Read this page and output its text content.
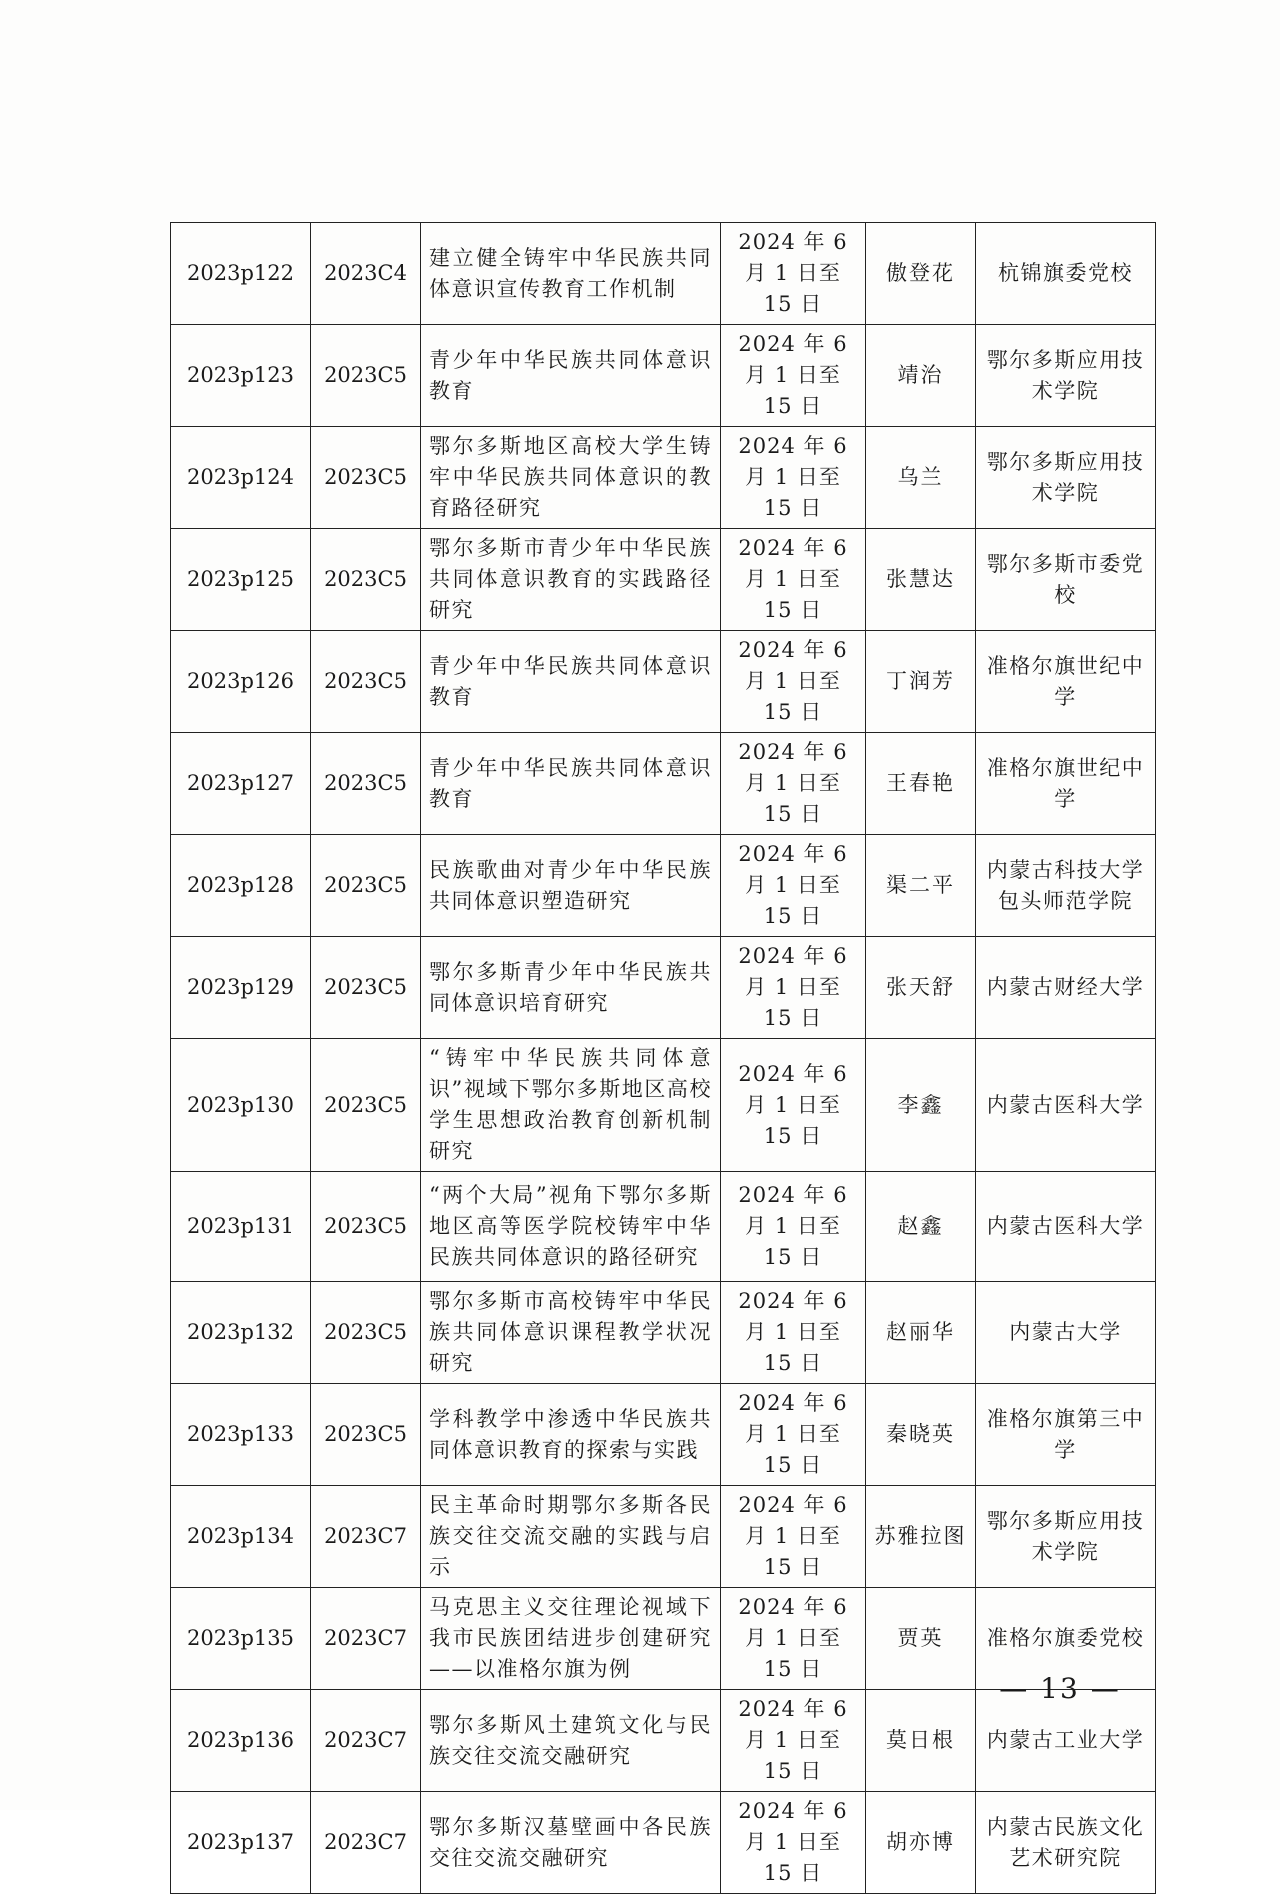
2023p122	2023C4	建立健全铸牢中华民族共同体意识宣传教育工作机制	2024 年 6 月 1 日至 15 日	傲登花	杭锦旗委党校
2023p123	2023C5	青少年中华民族共同体意识教育	2024 年 6 月 1 日至 15 日	靖治	鄂尔多斯应用技术学院
2023p124	2023C5	鄂尔多斯地区高校大学生铸牢中华民族共同体意识的教育路径研究	2024 年 6 月 1 日至 15 日	乌兰	鄂尔多斯应用技术学院
2023p125	2023C5	鄂尔多斯市青少年中华民族共同体意识教育的实践路径研究	2024 年 6 月 1 日至 15 日	张慧达	鄂尔多斯市委党校
2023p126	2023C5	青少年中华民族共同体意识教育	2024 年 6 月 1 日至 15 日	丁润芳	准格尔旗世纪中学
2023p127	2023C5	青少年中华民族共同体意识教育	2024 年 6 月 1 日至 15 日	王春艳	准格尔旗世纪中学
2023p128	2023C5	民族歌曲对青少年中华民族共同体意识塑造研究	2024 年 6 月 1 日至 15 日	渠二平	内蒙古科技大学包头师范学院
2023p129	2023C5	鄂尔多斯青少年中华民族共同体意识培育研究	2024 年 6 月 1 日至 15 日	张天舒	内蒙古财经大学
2023p130	2023C5	“铸牢中华民族共同体意识”视域下鄂尔多斯地区高校学生思想政治教育创新机制研究	2024 年 6 月 1 日至 15 日	李鑫	内蒙古医科大学
2023p131	2023C5	“两个大局”视角下鄂尔多斯地区高等医学院校铸牢中华民族共同体意识的路径研究	2024 年 6 月 1 日至 15 日	赵鑫	内蒙古医科大学
2023p132	2023C5	鄂尔多斯市高校铸牢中华民族共同体意识课程教学状况研究	2024 年 6 月 1 日至 15 日	赵丽华	内蒙古大学
2023p133	2023C5	学科教学中渗透中华民族共同体意识教育的探索与实践	2024 年 6 月 1 日至 15 日	秦晓英	准格尔旗第三中学
2023p134	2023C7	民主革命时期鄂尔多斯各民族交往交流交融的实践与启示	2024 年 6 月 1 日至 15 日	苏雅拉图	鄂尔多斯应用技术学院
2023p135	2023C7	马克思主义交往理论视域下我市民族团结进步创建研究——以准格尔旗为例	2024 年 6 月 1 日至 15 日	贾英	准格尔旗委党校
2023p136	2023C7	鄂尔多斯风土建筑文化与民族交往交流交融研究	2024 年 6 月 1 日至 15 日	莫日根	内蒙古工业大学
2023p137	2023C7	鄂尔多斯汉墓壁画中各民族交往交流交融研究	2024 年 6 月 1 日至 15 日	胡亦博	内蒙古民族文化艺术研究院
— 13 —
